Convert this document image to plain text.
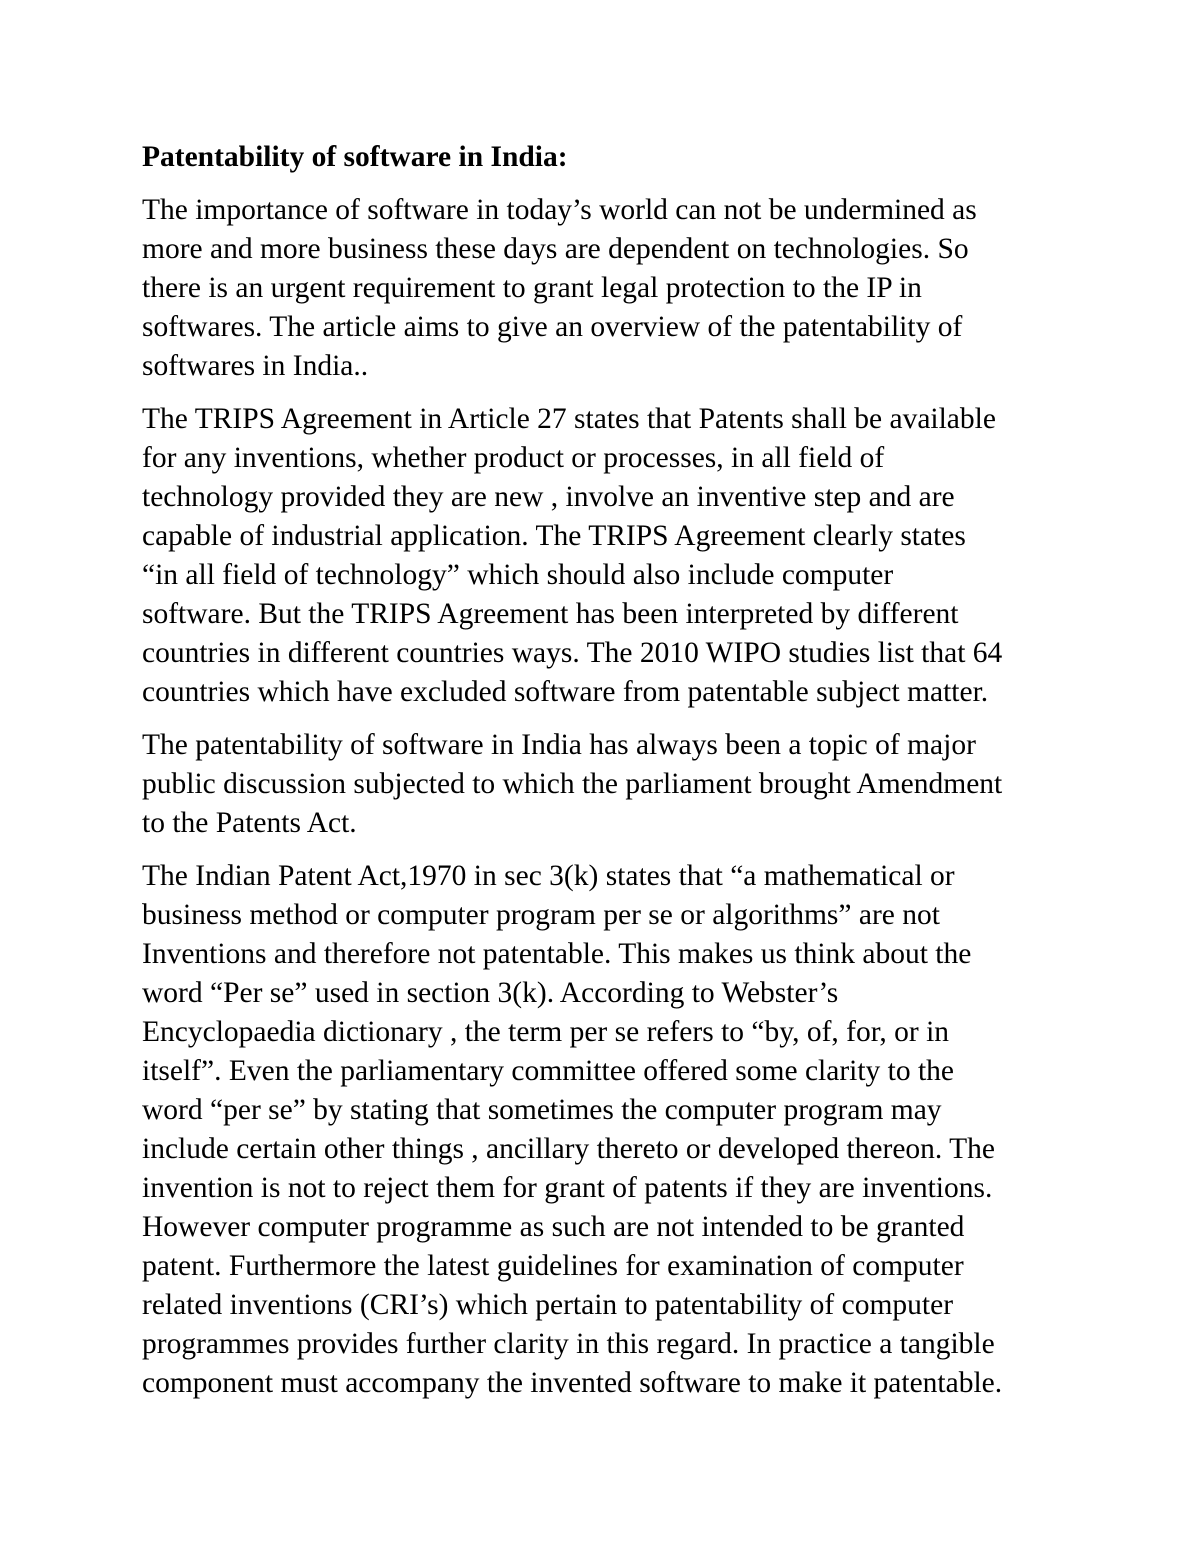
Patentability of software in India:
The importance of software in today’s world can not be undermined as
more and more business these days are dependent on technologies. So
there is an urgent requirement to grant legal protection to the IP in
softwares. The article aims to give an overview of the patentability of
softwares in India..
The TRIPS Agreement in Article 27 states that Patents shall be available
for any inventions, whether product or processes, in all field of
technology provided they are new , involve an inventive step and are
capable of industrial application. The TRIPS Agreement clearly states
“in all field of technology” which should also include computer
software. But the TRIPS Agreement has been interpreted by different
countries in different countries ways. The 2010 WIPO studies list that 64
countries which have excluded software from patentable subject matter.
The patentability of software in India has always been a topic of major
public discussion subjected to which the parliament brought Amendment
to the Patents Act.
The Indian Patent Act,1970 in sec 3(k) states that “a mathematical or
business method or computer program per se or algorithms” are not
Inventions and therefore not patentable. This makes us think about the
word “Per se” used in section 3(k). According to Webster’s
Encyclopaedia dictionary , the term per se refers to “by, of, for, or in
itself”. Even the parliamentary committee offered some clarity to the
word “per se” by stating that sometimes the computer program may
include certain other things , ancillary thereto or developed thereon. The
invention is not to reject them for grant of patents if they are inventions.
However computer programme as such are not intended to be granted
patent. Furthermore the latest guidelines for examination of computer
related inventions (CRI’s) which pertain to patentability of computer
programmes provides further clarity in this regard. In practice a tangible
component must accompany the invented software to make it patentable.
